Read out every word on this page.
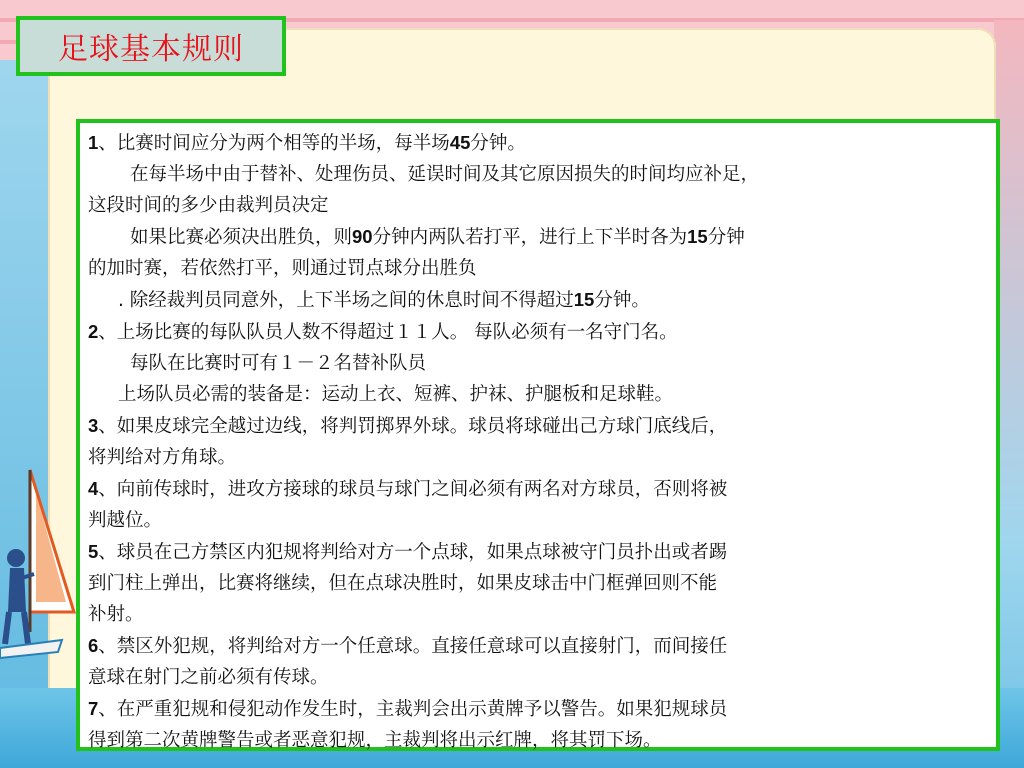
足球基本规则
1、比赛时间应分为两个相等的半场，每半场45分钟。
在每半场中由于替补、处理伤员、延误时间及其它原因损失的时间均应补足，
这段时间的多少由裁判员决定
如果比赛必须决出胜负，则90分钟内两队若打平，进行上下半时各为15分钟
的加时赛，若依然打平，则通过罚点球分出胜负
. 除经裁判员同意外，上下半场之间的休息时间不得超过15分钟。
2、上场比赛的每队队员人数不得超过１１人。 每队必须有一名守门名。
每队在比赛时可有１－２名替补队员
上场队员必需的装备是：运动上衣、短裤、护袜、护腿板和足球鞋。
3、如果皮球完全越过边线，将判罚掷界外球。球员将球碰出己方球门底线后，
将判给对方角球。
4、向前传球时，进攻方接球的球员与球门之间必须有两名对方球员，否则将被
判越位。
5、球员在己方禁区内犯规将判给对方一个点球，如果点球被守门员扑出或者踢
到门柱上弹出，比赛将继续，但在点球决胜时，如果皮球击中门框弹回则不能
补射。
6、禁区外犯规，将判给对方一个任意球。直接任意球可以直接射门，而间接任
意球在射门之前必须有传球。
7、在严重犯规和侵犯动作发生时，主裁判会出示黄牌予以警告。如果犯规球员
得到第二次黄牌警告或者恶意犯规，主裁判将出示红牌，将其罚下场。
